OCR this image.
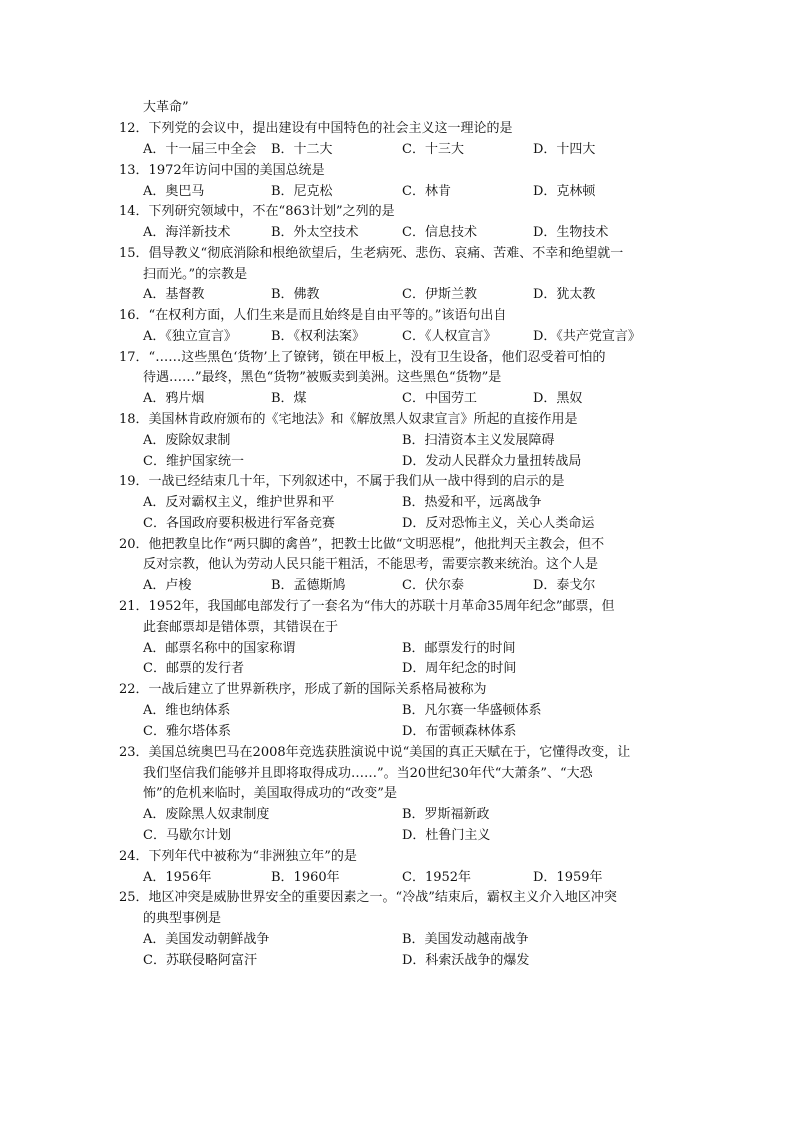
大革命”
12．下列党的会议中，提出建设有中国特色的社会主义这一理论的是
A．十一届三中全会 B．十二大	C．十三大	D．十四大
13．1972年访问中国的美国总统是
A．奥巴马	B．尼克松	C．林肯	D．克林顿
14．下列研究领域中，不在“863计划”之列的是
A．海洋新技术	B．外太空技术	C．信息技术	D．生物技术
15．倡导教义“彻底消除和根绝欲望后，生老病死、悲伤、哀痛、苦难、不幸和绝望就一
扫而光。”的宗教是
A．基督教	B．佛教	C．伊斯兰教	D．犹太教
16．“在权利方面，人们生来是而且始终是自由平等的。”该语句出自
A．《独立宣言》	B．《权利法案》	C．《人权宣言》	D．《共产党宣言》
17．“……这些黑色‘货物’上了镣铐，锁在甲板上，没有卫生设备，他们忍受着可怕的
待遇……”最终，黑色“货物”被贩卖到美洲。这些黑色“货物”是
A．鸦片烟	B．煤	C．中国劳工	D．黑奴
18．美国林肯政府颁布的《宅地法》和《解放黑人奴隶宣言》所起的直接作用是
A．废除奴隶制	B．扫清资本主义发展障碍
C．维护国家统一	D．发动人民群众力量扭转战局
19．一战已经结束几十年，下列叙述中，不属于我们从一战中得到的启示的是
A．反对霸权主义，维护世界和平	B．热爱和平，远离战争
C．各国政府要积极进行军备竞赛	D．反对恐怖主义，关心人类命运
20．他把教皇比作“两只脚的禽兽”，把教士比做“文明恶棍”，他批判天主教会，但不
反对宗教，他认为劳动人民只能干粗活，不能思考，需要宗教来统治。这个人是
A．卢梭	B．孟德斯鸠	C．伏尔泰	D．泰戈尔
21．1952年，我国邮电部发行了一套名为“伟大的苏联十月革命35周年纪念”邮票，但
此套邮票却是错体票，其错误在于
A．邮票名称中的国家称谓	B．邮票发行的时间
C．邮票的发行者	D．周年纪念的时间
22．一战后建立了世界新秩序，形成了新的国际关系格局被称为
A．维也纳体系	B．凡尔赛一华盛顿体系
C．雅尔塔体系	D．布雷顿森林体系
23．美国总统奥巴马在2008年竞选获胜演说中说“美国的真正天赋在于，它懂得改变，让
我们坚信我们能够并且即将取得成功……”。当20世纪30年代“大萧条”、“大恐
怖”的危机来临时，美国取得成功的“改变”是
A．废除黑人奴隶制度	B．罗斯福新政
C．马歇尔计划	D．杜鲁门主义
24．下列年代中被称为“非洲独立年”的是
A．1956年	B．1960年	C．1952年	D．1959年
25．地区冲突是威胁世界安全的重要因素之一。“冷战”结束后，霸权主义介入地区冲突
的典型事例是
A．美国发动朝鲜战争	B．美国发动越南战争
C．苏联侵略阿富汗	D．科索沃战争的爆发
